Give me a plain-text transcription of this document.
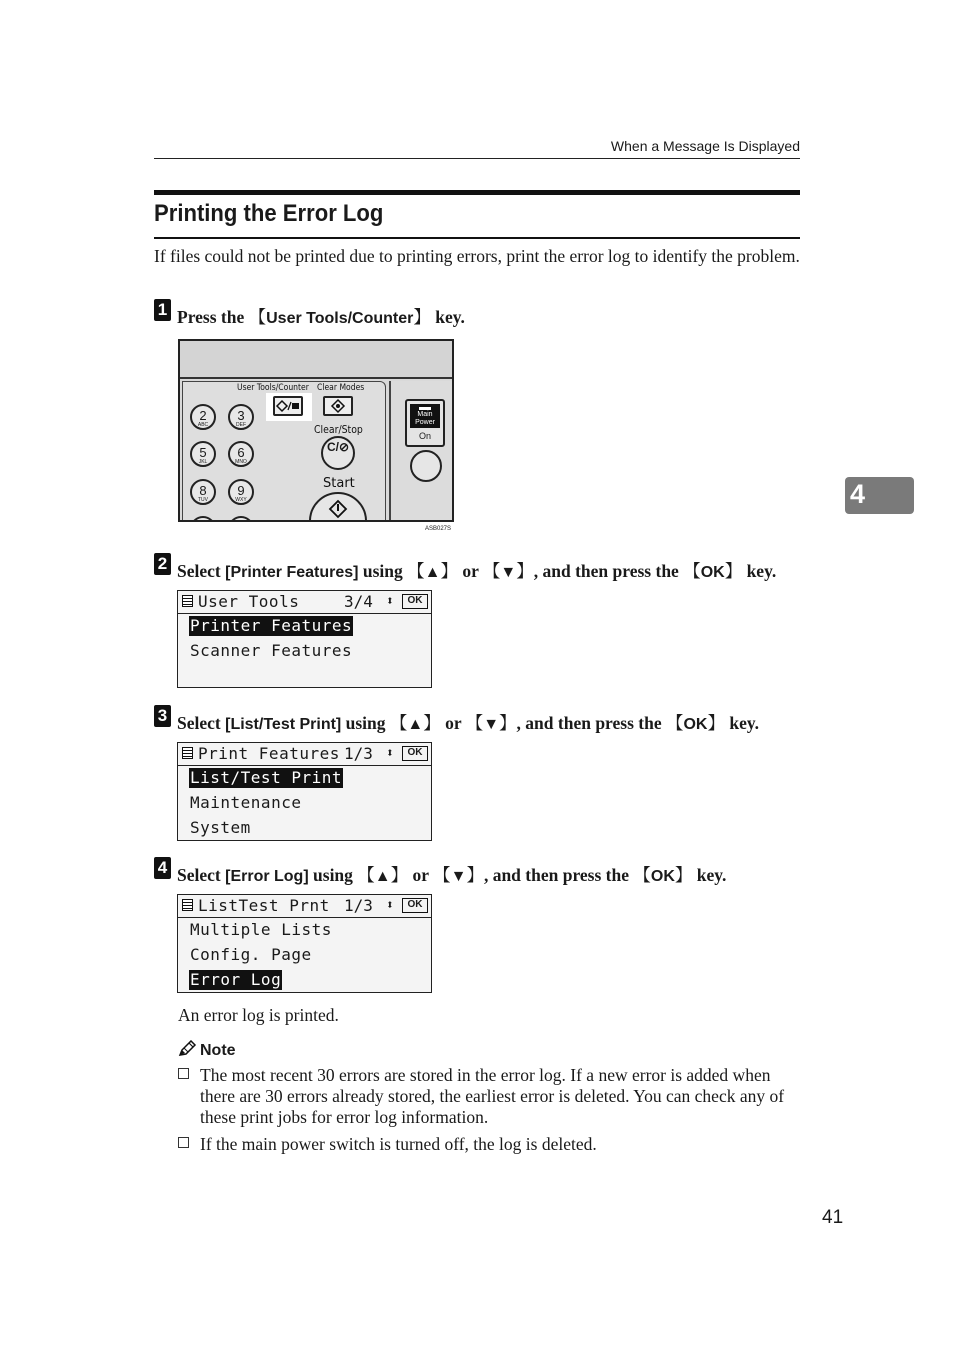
When a Message Is Displayed
Printing the Error Log
If files could not be printed due to printing errors, print the error log to identify the problem.
1 Press the 【User Tools/Counter】 key.
User Tools/Counter Clear Modes
Clear/Stop
C/⊘
Start
2
ABC
3
DEF
5
JKL
6
MNO
8
TUV
9
WXY
Main
Power
On
ASB027S
2 Select [Printer Features] using 【▲】 or 【▼】, and then press the 【OK】 key.
User Tools	3/4 ⬍	OK
Printer Features
Scanner Features
3 Select [List/Test Print] using 【▲】 or 【▼】, and then press the 【OK】 key.
Print Features 1/3 ⬍	OK
List/Test Print
Maintenance
System
4 Select [Error Log] using 【▲】 or 【▼】, and then press the 【OK】 key.
ListTest Prnt 1/3 ⬍	OK
Multiple Lists
Config. Page
Error Log
An error log is printed.
Note
The most recent 30 errors are stored in the error log. If a new error is added when there are 30 errors already stored, the earliest error is deleted. You can check any of these print jobs for error log information.
If the main power switch is turned off, the log is deleted.
4
41
